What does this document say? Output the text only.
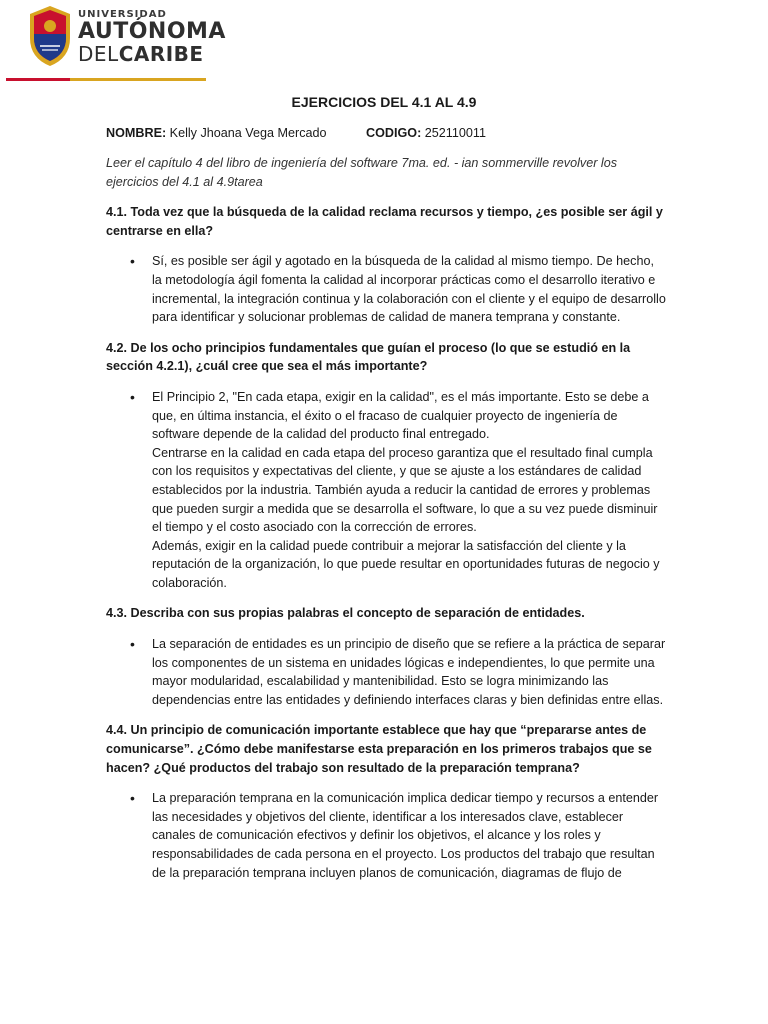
UNIVERSIDAD
AUTÓNOMA
DELCARIBE
EJERCICIOS DEL 4.1 AL 4.9
NOMBRE: Kelly Jhoana Vega Mercado	CODIGO: 252110011
Leer el capítulo 4 del libro de ingeniería del software 7ma. ed. - ian sommerville revolver los ejercicios del 4.1 al 4.9tarea
4.1. Toda vez que la búsqueda de la calidad reclama recursos y tiempo, ¿es posible ser ágil y centrarse en ella?
• Sí, es posible ser ágil y agotado en la búsqueda de la calidad al mismo tiempo. De hecho, la metodología ágil fomenta la calidad al incorporar prácticas como el desarrollo iterativo e incremental, la integración continua y la colaboración con el cliente y el equipo de desarrollo para identificar y solucionar problemas de calidad de manera temprana y constante.
4.2. De los ocho principios fundamentales que guían el proceso (lo que se estudió en la sección 4.2.1), ¿cuál cree que sea el más importante?
• El Principio 2, "En cada etapa, exigir en la calidad", es el más importante. Esto se debe a que, en última instancia, el éxito o el fracaso de cualquier proyecto de ingeniería de software depende de la calidad del producto final entregado.
Centrarse en la calidad en cada etapa del proceso garantiza que el resultado final cumpla con los requisitos y expectativas del cliente, y que se ajuste a los estándares de calidad establecidos por la industria. También ayuda a reducir la cantidad de errores y problemas que pueden surgir a medida que se desarrolla el software, lo que a su vez puede disminuir el tiempo y el costo asociado con la corrección de errores.
Además, exigir en la calidad puede contribuir a mejorar la satisfacción del cliente y la reputación de la organización, lo que puede resultar en oportunidades futuras de negocio y colaboración.
4.3. Describa con sus propias palabras el concepto de separación de entidades.
• La separación de entidades es un principio de diseño que se refiere a la práctica de separar los componentes de un sistema en unidades lógicas e independientes, lo que permite una mayor modularidad, escalabilidad y mantenibilidad. Esto se logra minimizando las dependencias entre las entidades y definiendo interfaces claras y bien definidas entre ellas.
4.4. Un principio de comunicación importante establece que hay que “prepararse antes de comunicarse”. ¿Cómo debe manifestarse esta preparación en los primeros trabajos que se hacen? ¿Qué productos del trabajo son resultado de la preparación temprana?
• La preparación temprana en la comunicación implica dedicar tiempo y recursos a entender las necesidades y objetivos del cliente, identificar a los interesados clave, establecer canales de comunicación efectivos y definir los objetivos, el alcance y los roles y responsabilidades de cada persona en el proyecto. Los productos del trabajo que resultan de la preparación temprana incluyen planos de comunicación, diagramas de flujo de
